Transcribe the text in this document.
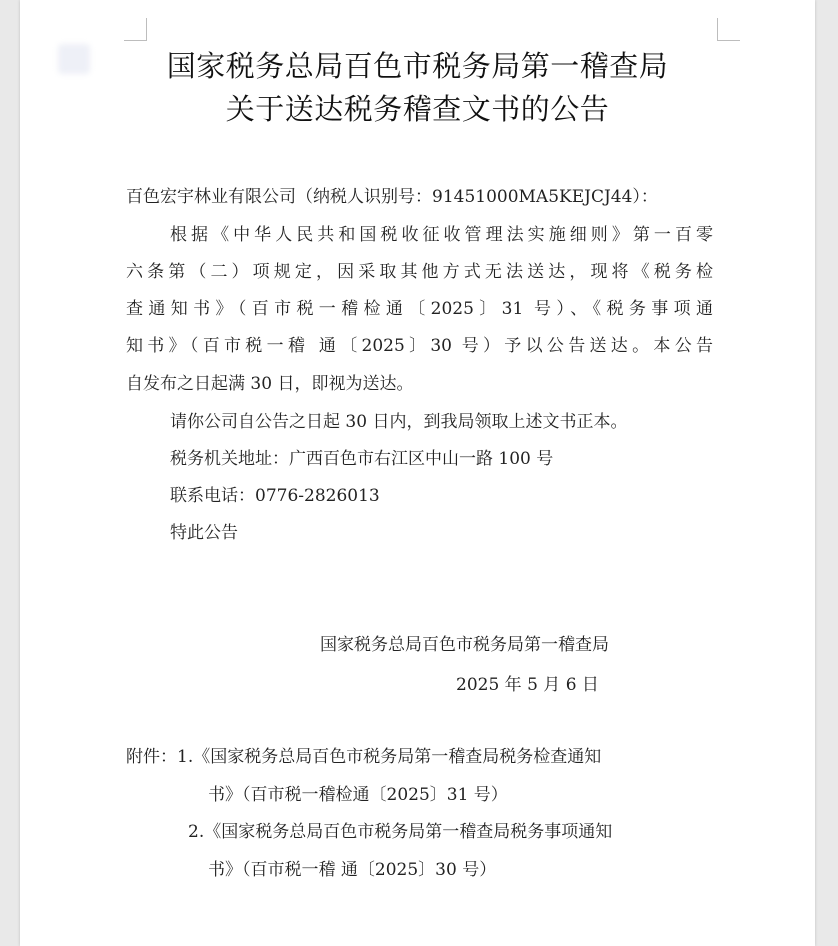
国家税务总局百色市税务局第一稽查局
关于送达税务稽查文书的公告
百色宏宇林业有限公司（纳税人识别号：91451000MA5KEJCJ44）：
根据《中华人民共和国税收征收管理法实施细则》第一百零
六条第（二）项规定，因采取其他方式无法送达，现将《税务检
查通知书》（百市税一稽检通〔2025〕31 号）、《税务事项通
知书》（百市税一稽 通〔2025〕30 号）予以公告送达。本公告
自发布之日起满 30 日，即视为送达。
请你公司自公告之日起 30 日内，到我局领取上述文书正本。
税务机关地址：广西百色市右江区中山一路 100 号
联系电话：0776-2826013
特此公告
国家税务总局百色市税务局第一稽查局
2025 年 5 月 6 日
附件：1.《国家税务总局百色市税务局第一稽查局税务检查通知
书》（百市税一稽检通〔2025〕31 号）
2.《国家税务总局百色市税务局第一稽查局税务事项通知
书》（百市税一稽 通〔2025〕30 号）
